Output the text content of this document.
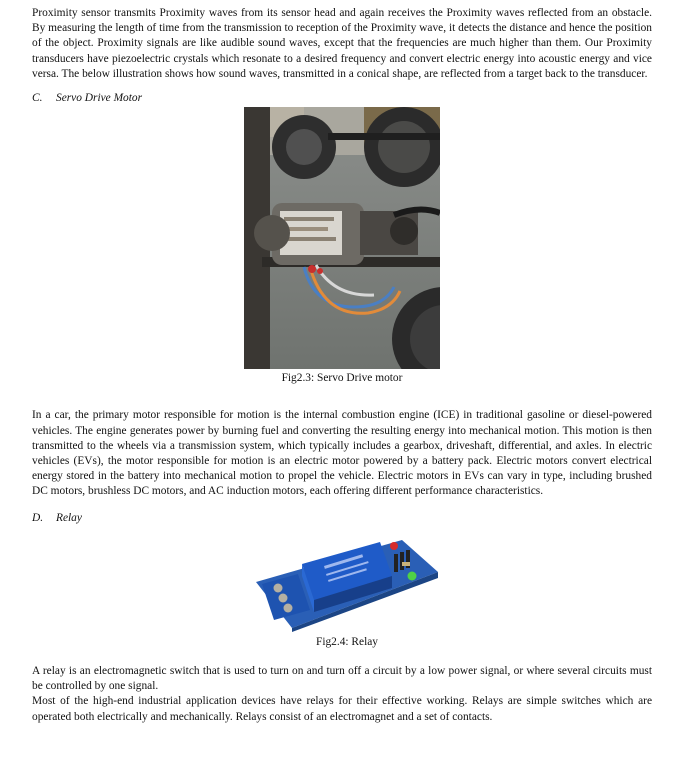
Proximity sensor transmits Proximity waves from its sensor head and again receives the Proximity waves reflected from an obstacle. By measuring the length of time from the transmission to reception of the Proximity wave, it detects the distance and hence the position of the object. Proximity signals are like audible sound waves, except that the frequencies are much higher than them. Our Proximity transducers have piezoelectric crystals which resonate to a desired frequency and convert electric energy into acoustic energy and vice versa. The below illustration shows how sound waves, transmitted in a conical shape, are reflected from a target back to the transducer.

C. Servo Drive Motor
Fig2.3: Servo Drive motor

In a car, the primary motor responsible for motion is the internal combustion engine (ICE) in traditional gasoline or diesel-powered vehicles. The engine generates power by burning fuel and converting the resulting energy into mechanical motion. This motion is then transmitted to the wheels via a transmission system, which typically includes a gearbox, driveshaft, differential, and axles. In electric vehicles (EVs), the motor responsible for motion is an electric motor powered by a battery pack. Electric motors convert electrical energy stored in the battery into mechanical motion to propel the vehicle. Electric motors in EVs can vary in type, including brushed DC motors, brushless DC motors, and AC induction motors, each offering different performance characteristics.

D. Relay
Fig2.4: Relay

A relay is an electromagnetic switch that is used to turn on and turn off a circuit by a low power signal, or where several circuits must be controlled by one signal.

Most of the high-end industrial application devices have relays for their effective working. Relays are simple switches which are operated both electrically and mechanically. Relays consist of an electromagnet and a set of contacts.
